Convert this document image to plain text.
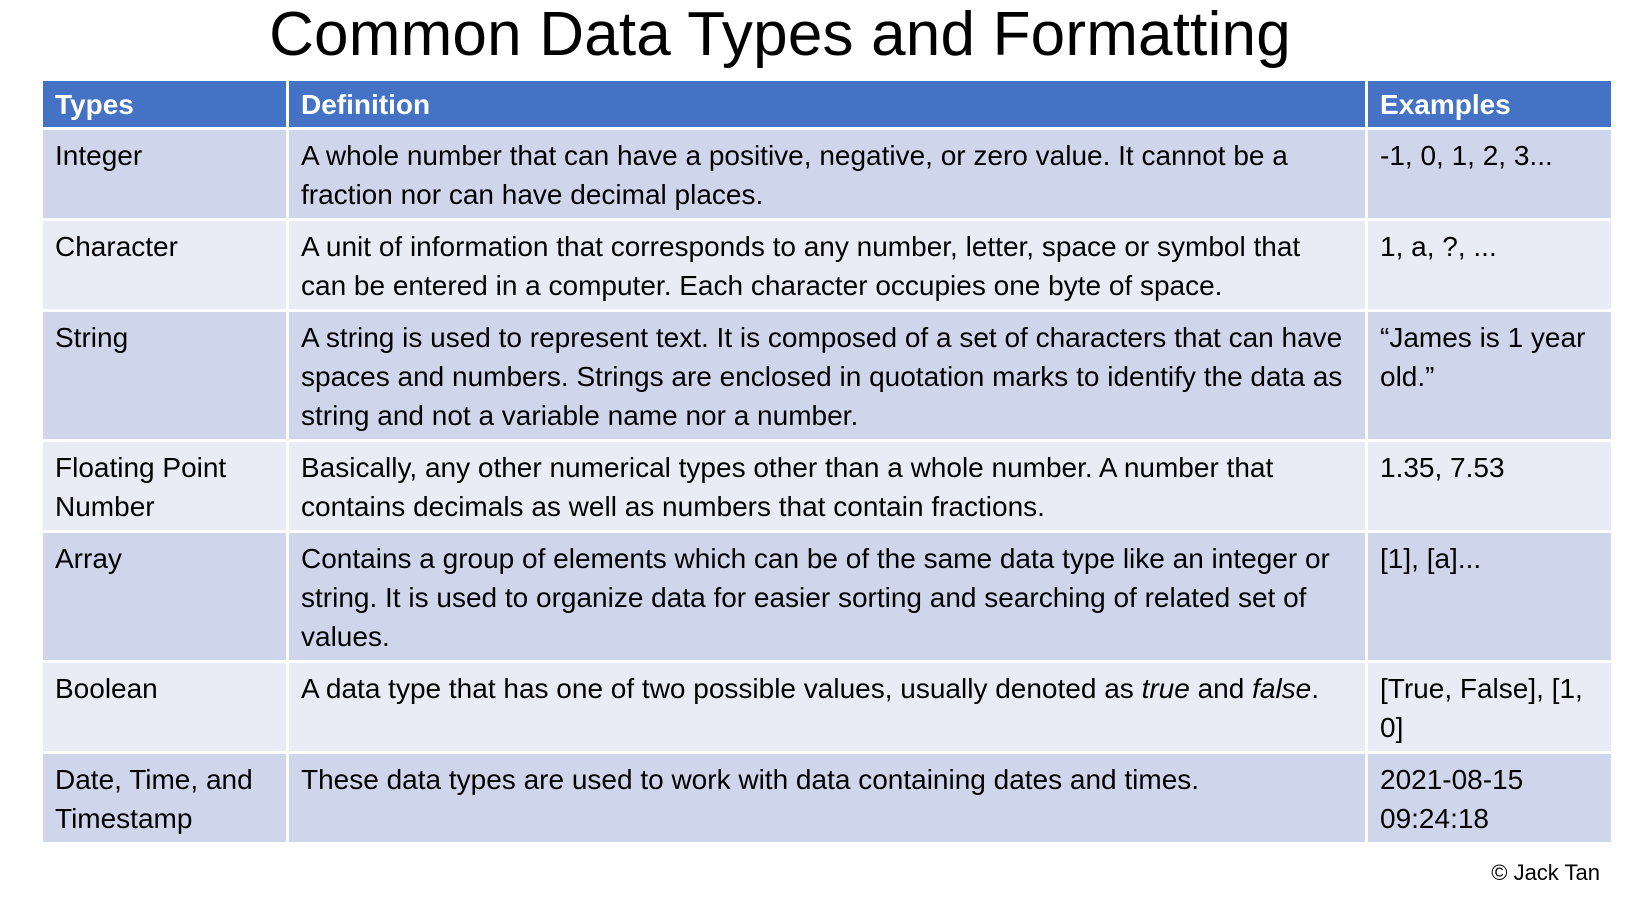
Common Data Types and Formatting
Types	Definition	Examples
Integer	A whole number that can have a positive, negative, or zero value. It cannot be a fraction nor can have decimal places.	-1, 0, 1, 2, 3...
Character	A unit of information that corresponds to any number, letter, space or symbol that can be entered in a computer. Each character occupies one byte of space.	1, a, ?, ...
String	A string is used to represent text. It is composed of a set of characters that can have spaces and numbers. Strings are enclosed in quotation marks to identify the data as string and not a variable name nor a number.	“James is 1 year old.”
Floating Point Number	Basically, any other numerical types other than a whole number. A number that contains decimals as well as numbers that contain fractions.	1.35, 7.53
Array	Contains a group of elements which can be of the same data type like an integer or string. It is used to organize data for easier sorting and searching of related set of values.	[1], [a]...
Boolean	A data type that has one of two possible values, usually denoted as true and false.	[True, False], [1, 0]
Date, Time, and Timestamp	These data types are used to work with data containing dates and times.	2021-08-15 09:24:18
© Jack Tan
